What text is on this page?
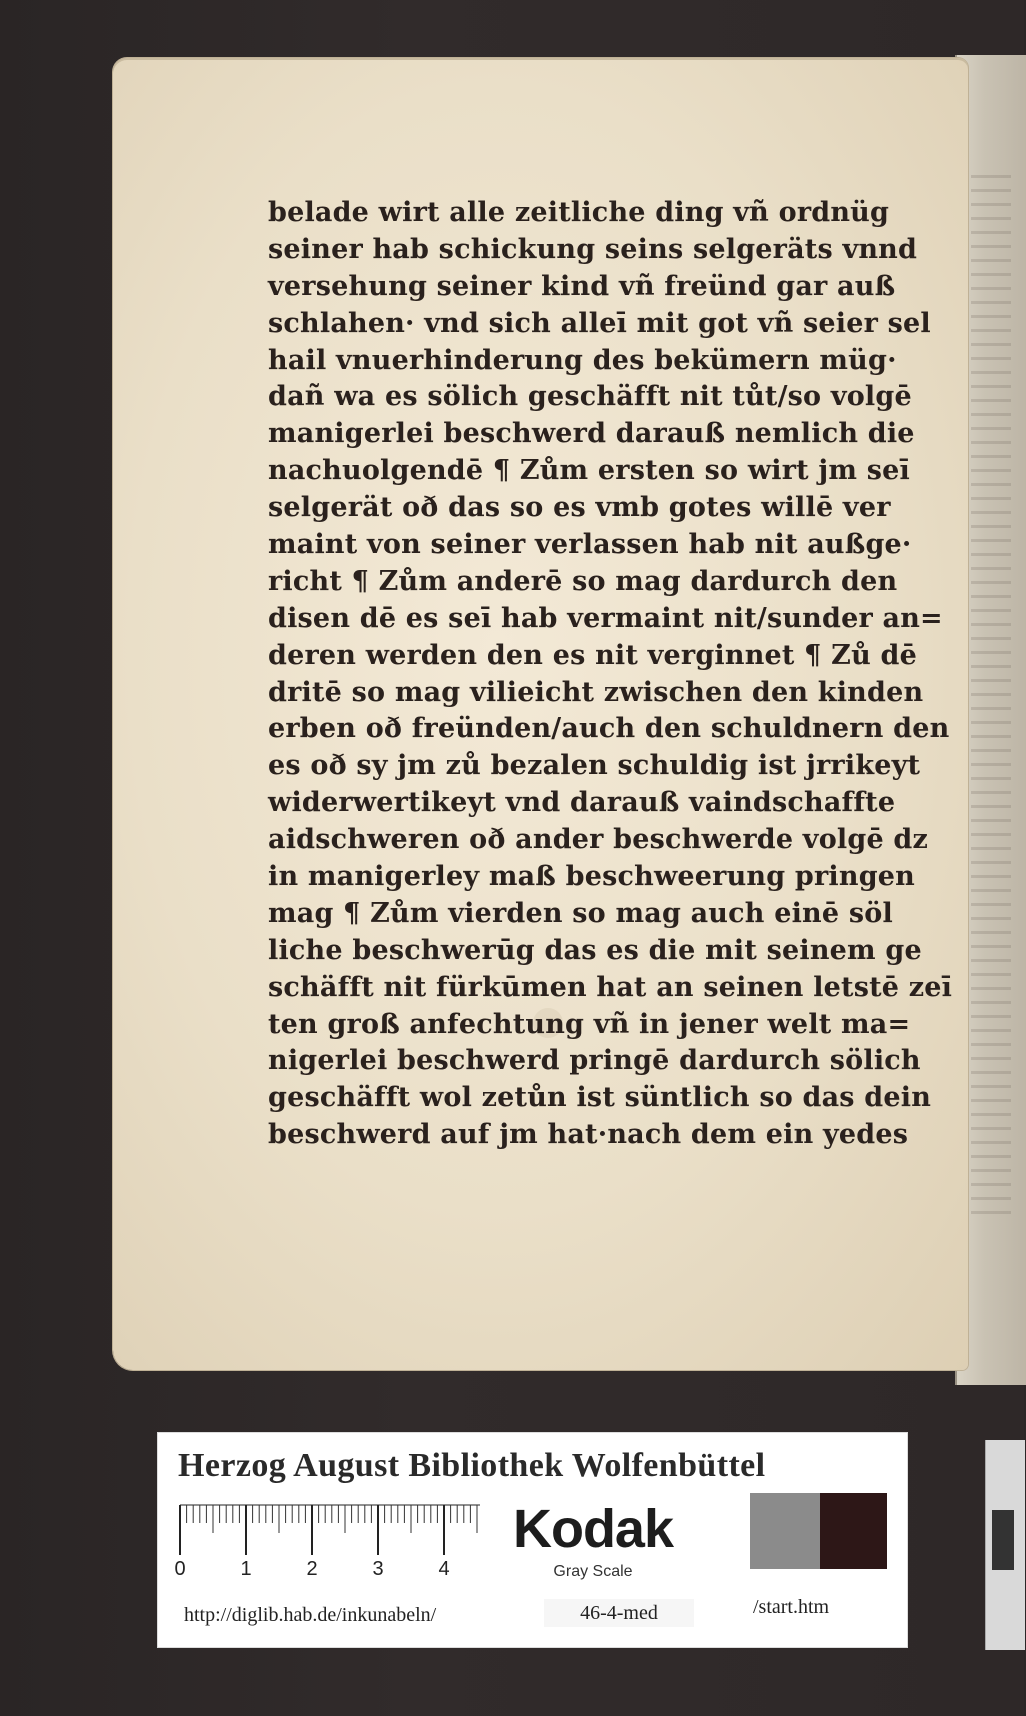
belade wirt alle zeitliche ding vñ ordnüg
seiner hab schickung seins selgeräts vnnd
versehung seiner kind vñ freünd gar auß
schlahen· vnd sich alleī mit got vñ seier sel
hail vnuerhinderung des bekümern müg·
dañ wa es sölich geschäfft nit tůt/so volgē
manigerlei beschwerd darauß nemlich die
nachuolgendē ¶ Zům ersten so wirt jm seī
selgerät oð das so es vmb gotes willē ver
maint von seiner verlassen hab nit außge·
richt ¶ Zům anderē so mag dardurch den
disen dē es seī hab vermaint nit/sunder an=
deren werden den es nit verginnet ¶ Zů dē
dritē so mag vilieicht zwischen den kinden
erben oð freünden/auch den schuldnern den
es oð sy jm zů bezalen schuldig ist jrrikeyt
widerwertikeyt vnd darauß vaindschaffte
aidschweren oð ander beschwerde volgē dz
in manigerley maß beschweerung pringen
mag ¶ Zům vierden so mag auch einē söl
liche beschwerūg das es die mit seinem ge
schäfft nit fürkūmen hat an seinen letstē zeī
ten groß anfechtung vñ in jener welt ma=
nigerlei beschwerd pringē dardurch sölich
geschäfft wol zetůn ist süntlich so das dein
beschwerd auf jm hat·nach dem ein yedes
Herzog August Bibliothek Wolfenbüttel
0	1	2	3	4
Kodak
Gray Scale
http://diglib.hab.de/inkunabeln/	46-4-med	/start.htm
